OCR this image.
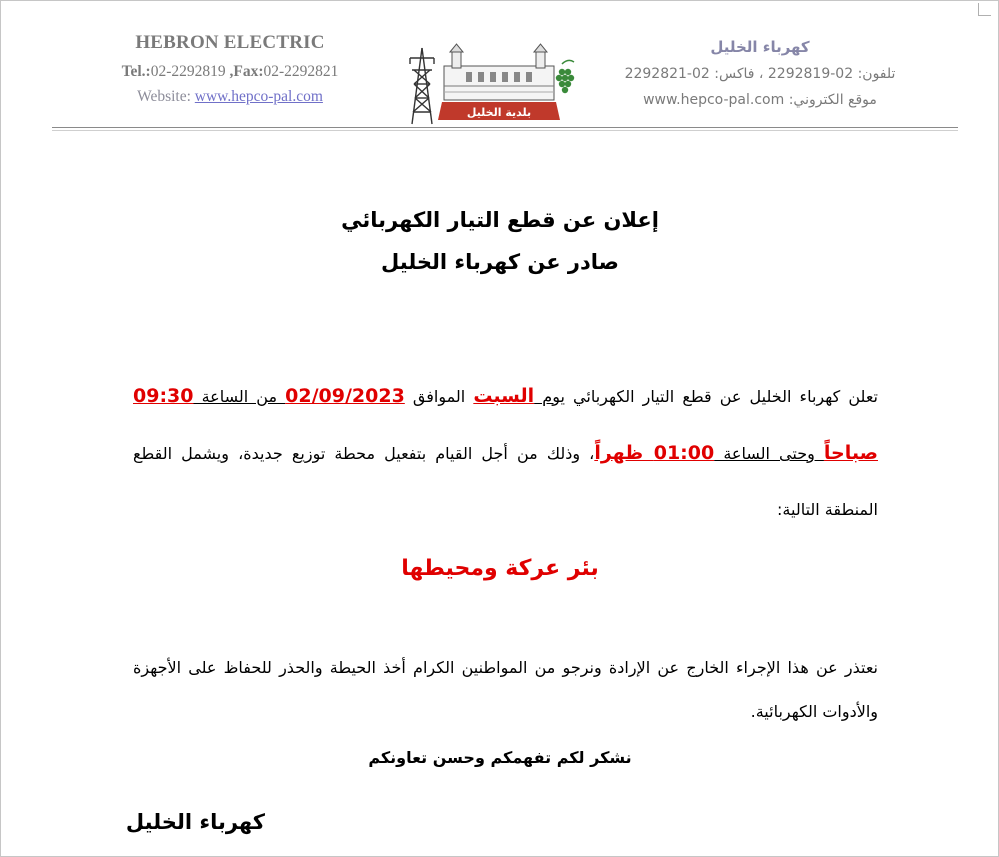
HEBRON ELECTRIC
Tel.:02-2292819 ,Fax:02-2292821
Website: www.hepco-pal.com
بلدية الخليل
كهرباء الخليل
تلفون: 02-2292819 ، فاكس: 02-2292821
موقع الكتروني: www.hepco-pal.com
إعلان عن قطع التيار الكهربائي
صادر عن كهرباء الخليل
تعلن كهرباء الخليل عن قطع التيار الكهربائي يوم السبت الموافق 02/09/2023 من الساعة 09:30 صباحاً وحتى الساعة 01:00 ظهراً، وذلك من أجل القيام بتفعيل محطة توزيع جديدة، ويشمل القطع المنطقة التالية:
بئر عركة ومحيطها
نعتذر عن هذا الإجراء الخارج عن الإرادة ونرجو من المواطنين الكرام أخذ الحيطة والحذر للحفاظ على الأجهزة والأدوات الكهربائية.
نشكر لكم تفهمكم وحسن تعاونكم
كهرباء الخليل
